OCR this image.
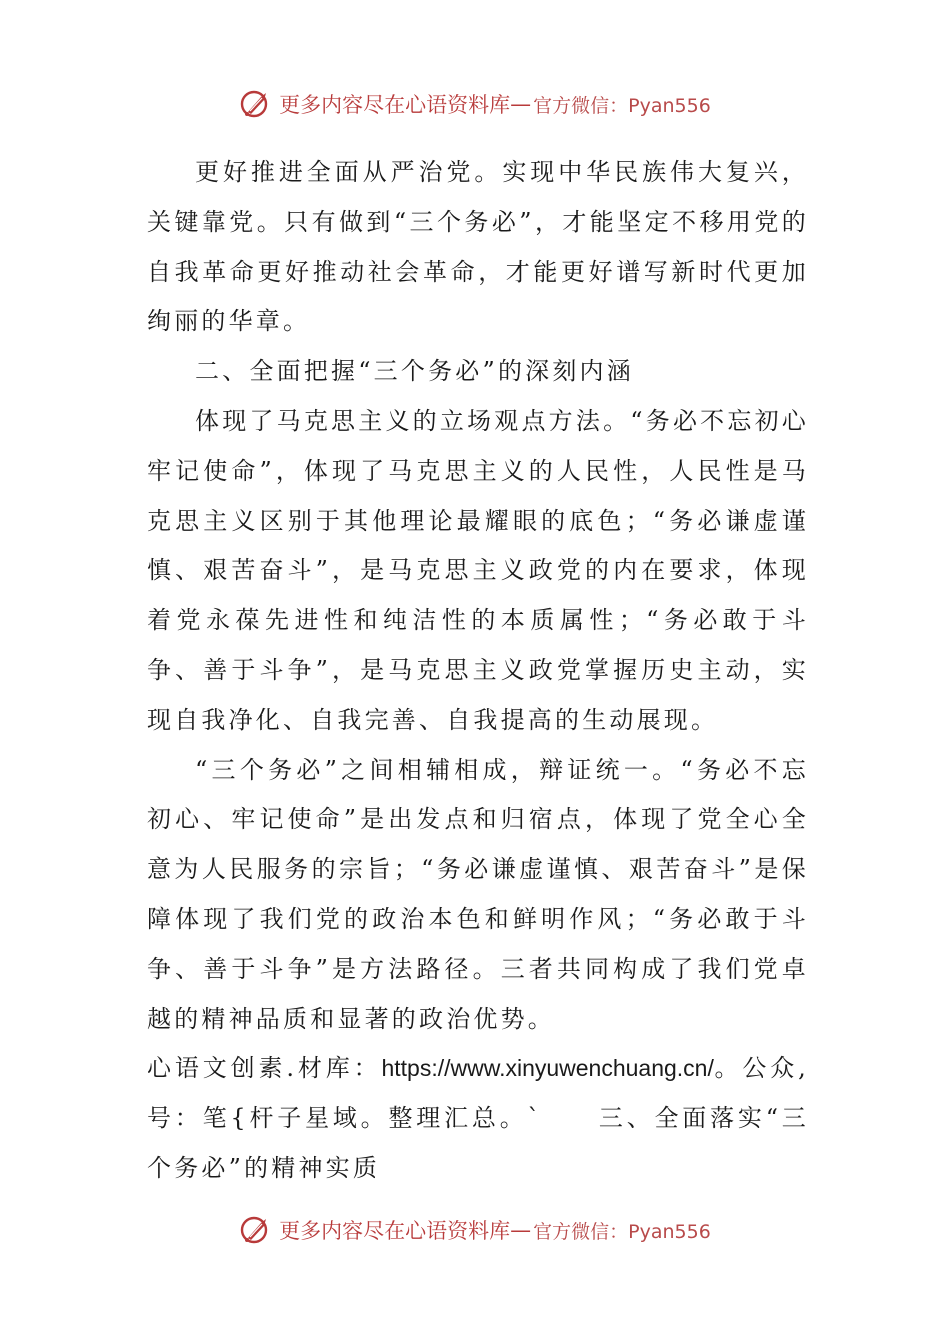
更多内容尽在心语资料库 — 官方微信：Pyan556

更好推进全面从严治党。实现中华民族伟大复兴，关键靠党。只有做到“三个务必”，才能坚定不移用党的自我革命更好推动社会革命，才能更好谱写新时代更加绚丽的华章。

二、全面把握“三个务必”的深刻内涵

体现了马克思主义的立场观点方法。“务必不忘初心牢记使命”，体现了马克思主义的人民性，人民性是马克思主义区别于其他理论最耀眼的底色；“务必谦虚谨慎、艰苦奋斗”，是马克思主义政党的内在要求，体现着党永葆先进性和纯洁性的本质属性；“务必敢于斗争、善于斗争”，是马克思主义政党掌握历史主动，实现自我净化、自我完善、自我提高的生动展现。

“三个务必”之间相辅相成，辩证统一。“务必不忘初心、牢记使命”是出发点和归宿点，体现了党全心全意为人民服务的宗旨；“务必谦虚谨慎、艰苦奋斗”是保障体现了我们党的政治本色和鲜明作风；“务必敢于斗争、善于斗争”是方法路径。三者共同构成了我们党卓越的精神品质和显著的政治优势。

心语文创素.材库：https://www.xinyuwenchuang.cn/。公众,号：笔{杆子星域。整理汇总。`　　三、全面落实“三个务必”的精神实质

更多内容尽在心语资料库 — 官方微信：Pyan556
